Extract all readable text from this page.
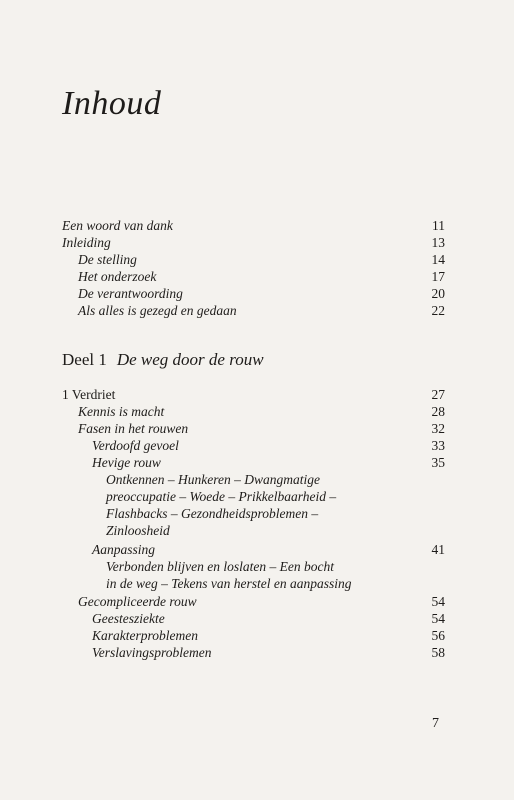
Inhoud
Een woord van dank	11
Inleiding	13
De stelling	14
Het onderzoek	17
De verantwoording	20
Als alles is gezegd en gedaan	22
Deel 1 De weg door de rouw
1 Verdriet	27
Kennis is macht	28
Fasen in het rouwen	32
Verdoofd gevoel	33
Hevige rouw	35
Ontkennen – Hunkeren – Dwangmatige
preoccupatie – Woede – Prikkelbaarheid –
Flashbacks – Gezondheidsproblemen –
Zinloosheid
Aanpassing	41
Verbonden blijven en loslaten – Een bocht
in de weg – Tekens van herstel en aanpassing
Gecompliceerde rouw	54
Geestesziekte	54
Karakterproblemen	56
Verslavingsproblemen	58
7
